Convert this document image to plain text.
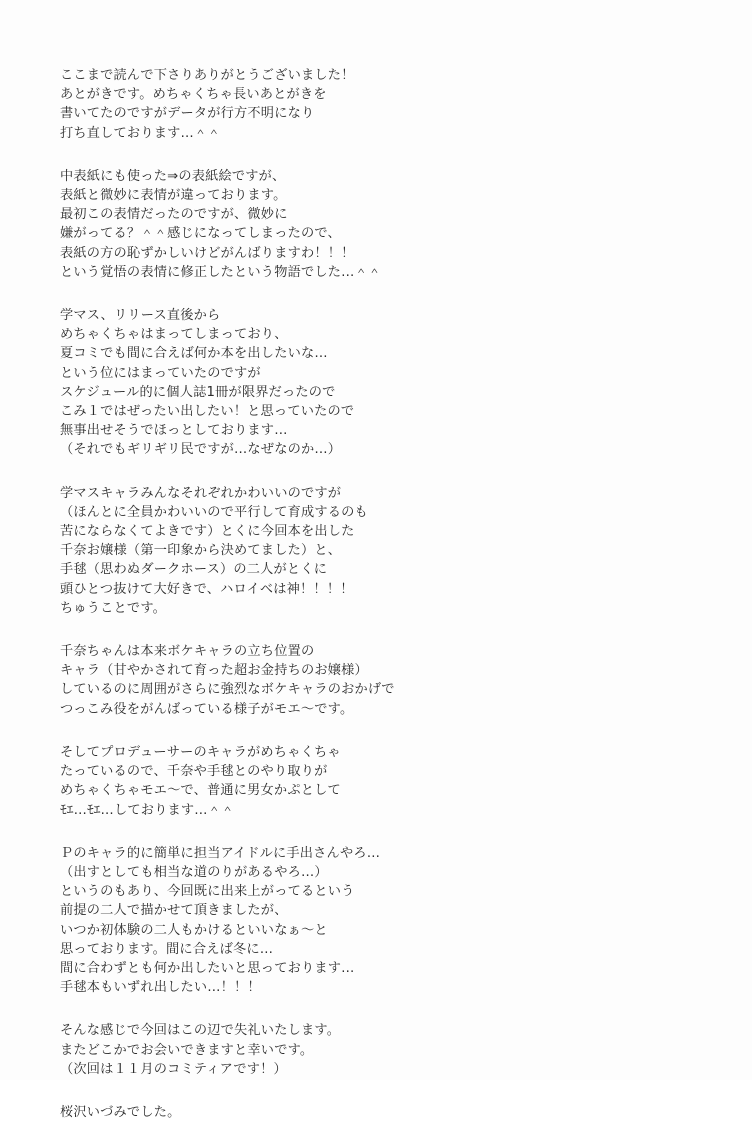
ここまで読んで下さりありがとうございました！
あとがきです。めちゃくちゃ長いあとがきを
書いてたのですがデータが行方不明になり
打ち直しております…＾＾
中表紙にも使った⇒の表紙絵ですが、
表紙と微妙に表情が違っております。
最初この表情だったのですが、微妙に
嫌がってる？＾＾感じになってしまったので、
表紙の方の恥ずかしいけどがんばりますわ！！！
という覚悟の表情に修正したという物語でした…＾＾
学マス、リリース直後から
めちゃくちゃはまってしまっており、
夏コミでも間に合えば何か本を出したいな…
という位にはまっていたのですが
スケジュール的に個人誌1冊が限界だったので
こみ１ではぜったい出したい！と思っていたので
無事出せそうでほっとしております…
（それでもギリギリ民ですが…なぜなのか…）
学マスキャラみんなそれぞれかわいいのですが
（ほんとに全員かわいいので平行して育成するのも
苦にならなくてよきです）とくに今回本を出した
千奈お嬢様（第一印象から決めてました）と、
手毬（思わぬダークホース）の二人がとくに
頭ひとつ抜けて大好きで、ハロイベは神！！！！
ちゅうことです。
千奈ちゃんは本来ボケキャラの立ち位置の
キャラ（甘やかされて育った超お金持ちのお嬢様）
しているのに周囲がさらに強烈なボケキャラのおかげで
つっこみ役をがんばっている様子がモエ～です。
そしてプロデューサーのキャラがめちゃくちゃ
たっているので、千奈や手毬とのやり取りが
めちゃくちゃモエ～で、普通に男女かぷとして
ﾓｴ…ﾓｴ…しております…＾＾
Ｐのキャラ的に簡単に担当アイドルに手出さんやろ…
（出すとしても相当な道のりがあるやろ…）
というのもあり、今回既に出来上がってるという
前提の二人で描かせて頂きましたが、
いつか初体験の二人もかけるといいなぁ～と
思っております。間に合えば冬に…
間に合わずとも何か出したいと思っております…
手毬本もいずれ出したい…！！！
そんな感じで今回はこの辺で失礼いたします。
またどこかでお会いできますと幸いです。
（次回は１１月のコミティアです！）
桜沢いづみでした。
